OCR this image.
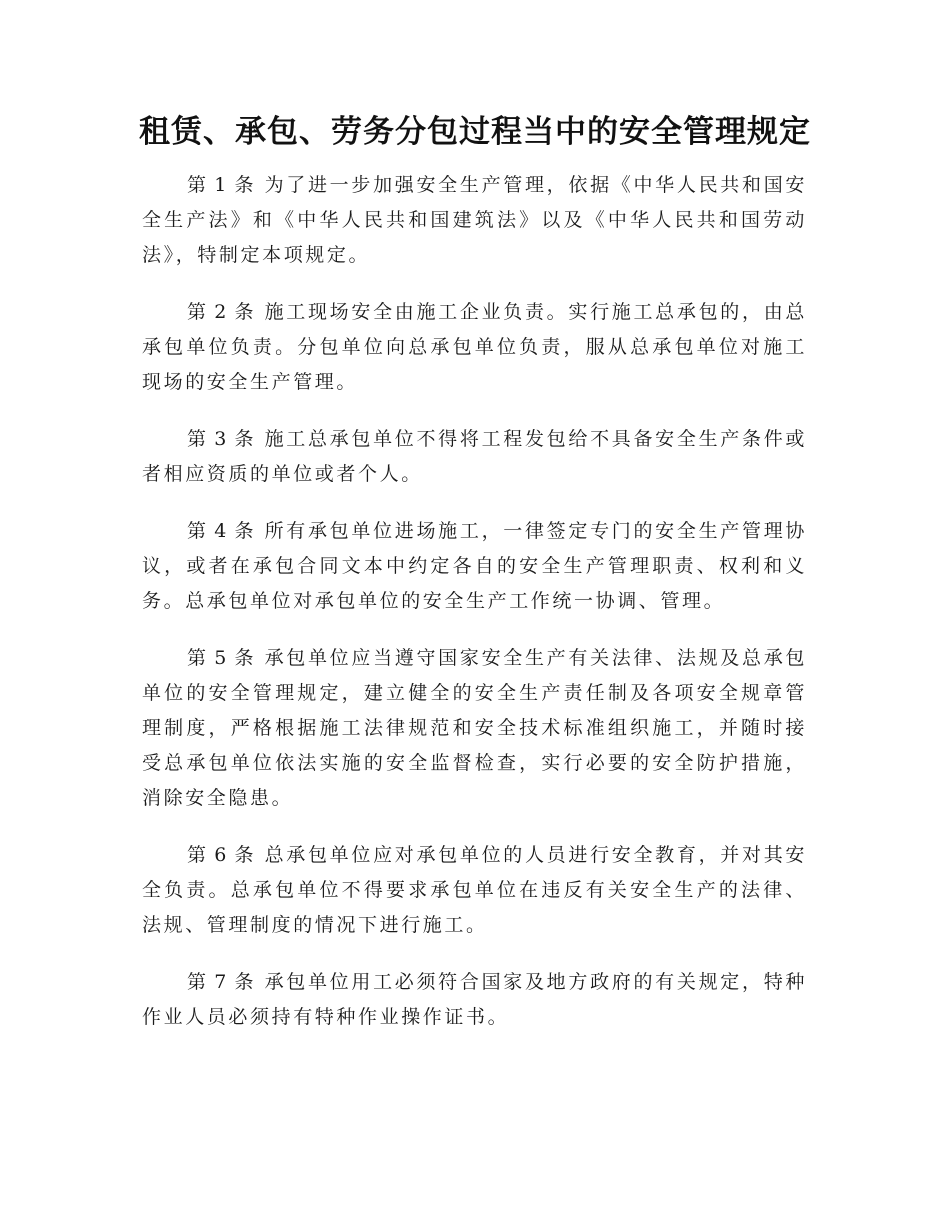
租赁、承包、劳务分包过程当中的安全管理规定

第 1 条 为了进一步加强安全生产管理，依据《中华人民共和国安全生产法》和《中华人民共和国建筑法》以及《中华人民共和国劳动法》，特制定本项规定。

第 2 条 施工现场安全由施工企业负责。实行施工总承包的，由总承包单位负责。分包单位向总承包单位负责，服从总承包单位对施工现场的安全生产管理。

第 3 条 施工总承包单位不得将工程发包给不具备安全生产条件或者相应资质的单位或者个人。

第 4 条 所有承包单位进场施工，一律签定专门的安全生产管理协议，或者在承包合同文本中约定各自的安全生产管理职责、权利和义务。总承包单位对承包单位的安全生产工作统一协调、管理。

第 5 条 承包单位应当遵守国家安全生产有关法律、法规及总承包单位的安全管理规定，建立健全的安全生产责任制及各项安全规章管理制度，严格根据施工法律规范和安全技术标准组织施工，并随时接受总承包单位依法实施的安全监督检查，实行必要的安全防护措施，消除安全隐患。

第 6 条 总承包单位应对承包单位的人员进行安全教育，并对其安全负责。总承包单位不得要求承包单位在违反有关安全生产的法律、法规、管理制度的情况下进行施工。

第 7 条 承包单位用工必须符合国家及地方政府的有关规定，特种作业人员必须持有特种作业操作证书。
